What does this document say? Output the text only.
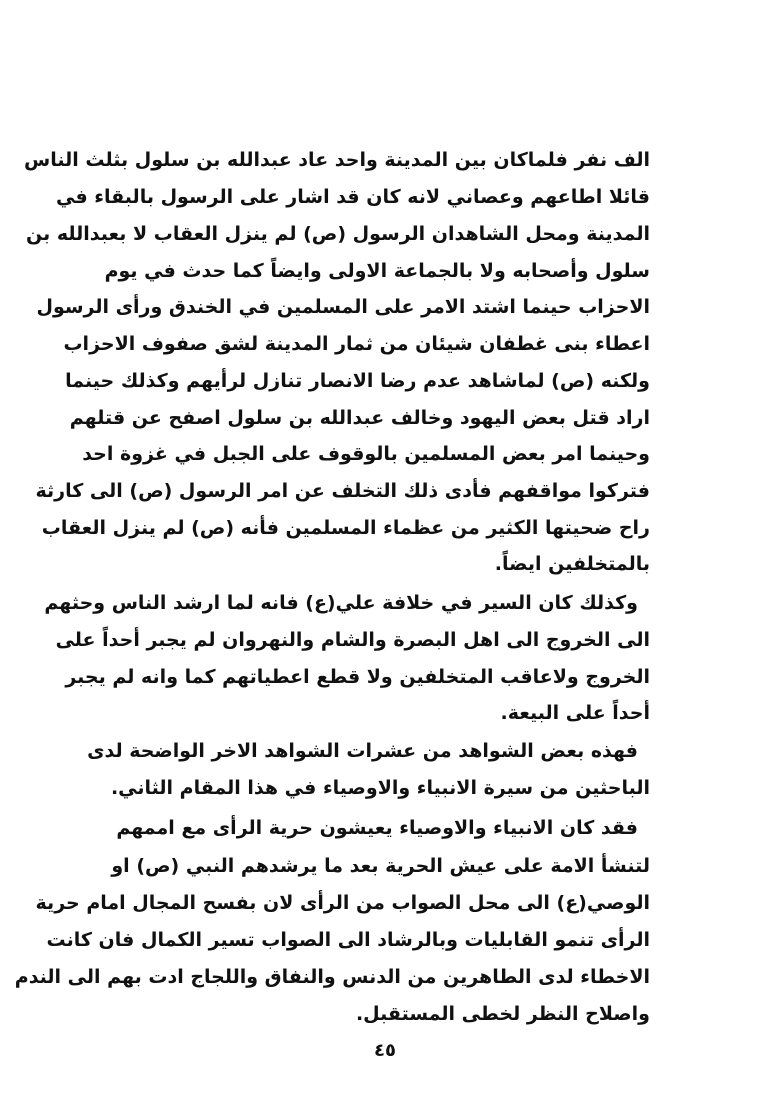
الف نفر فلماكان بين المدينة واحد عاد عبدالله بن سلول بثلث الناس
قائلا اطاعهم وعصاني لانه كان قد اشار على الرسول بالبقاء في
المدينة ومحل الشاهدان الرسول (ص) لم ينزل العقاب لا بعبدالله بن
سلول وأصحابه ولا بالجماعة الاولى وايضاً كما حدث في يوم
الاحزاب حينما اشتد الامر على المسلمين في الخندق ورأى الرسول
اعطاء بنى غطفان شيئان من ثمار المدينة لشق صفوف الاحزاب
ولكنه (ص) لماشاهد عدم رضا الانصار تنازل لرأيهم وكذلك حينما
اراد قتل بعض اليهود وخالف عبدالله بن سلول اصفح عن قتلهم
وحينما امر بعض المسلمين بالوقوف على الجبل في غزوة احد
فتركوا مواقفهم فأدى ذلك التخلف عن امر الرسول (ص) الى كارثة
راح ضحيتها الكثير من عظماء المسلمين فأنه (ص) لم ينزل العقاب
بالمتخلفين ايضاً.
وكذلك كان السير في خلافة علي(ع) فانه لما ارشد الناس وحثهم
الى الخروج الى اهل البصرة والشام والنهروان لم يجبر أحداً على
الخروج ولاعاقب المتخلفين ولا قطع اعطياتهم كما وانه لم يجبر
أحداً على البيعة.
فهذه بعض الشواهد من عشرات الشواهد الاخر الواضحة لدى
الباحثين من سيرة الانبياء والاوصياء في هذا المقام الثاني.
فقد كان الانبياء والاوصياء يعيشون حرية الرأى مع اممهم
لتنشأ الامة على عيش الحرية بعد ما يرشدهم النبي (ص) او
الوصي(ع) الى محل الصواب من الرأى لان بفسح المجال امام حرية
الرأى تنمو القابليات وبالرشاد الى الصواب تسير الكمال فان كانت
الاخطاء لدى الطاهرين من الدنس والنفاق واللجاج ادت بهم الى الندم
واصلاح النظر لخطى المستقبل.
٤٥
